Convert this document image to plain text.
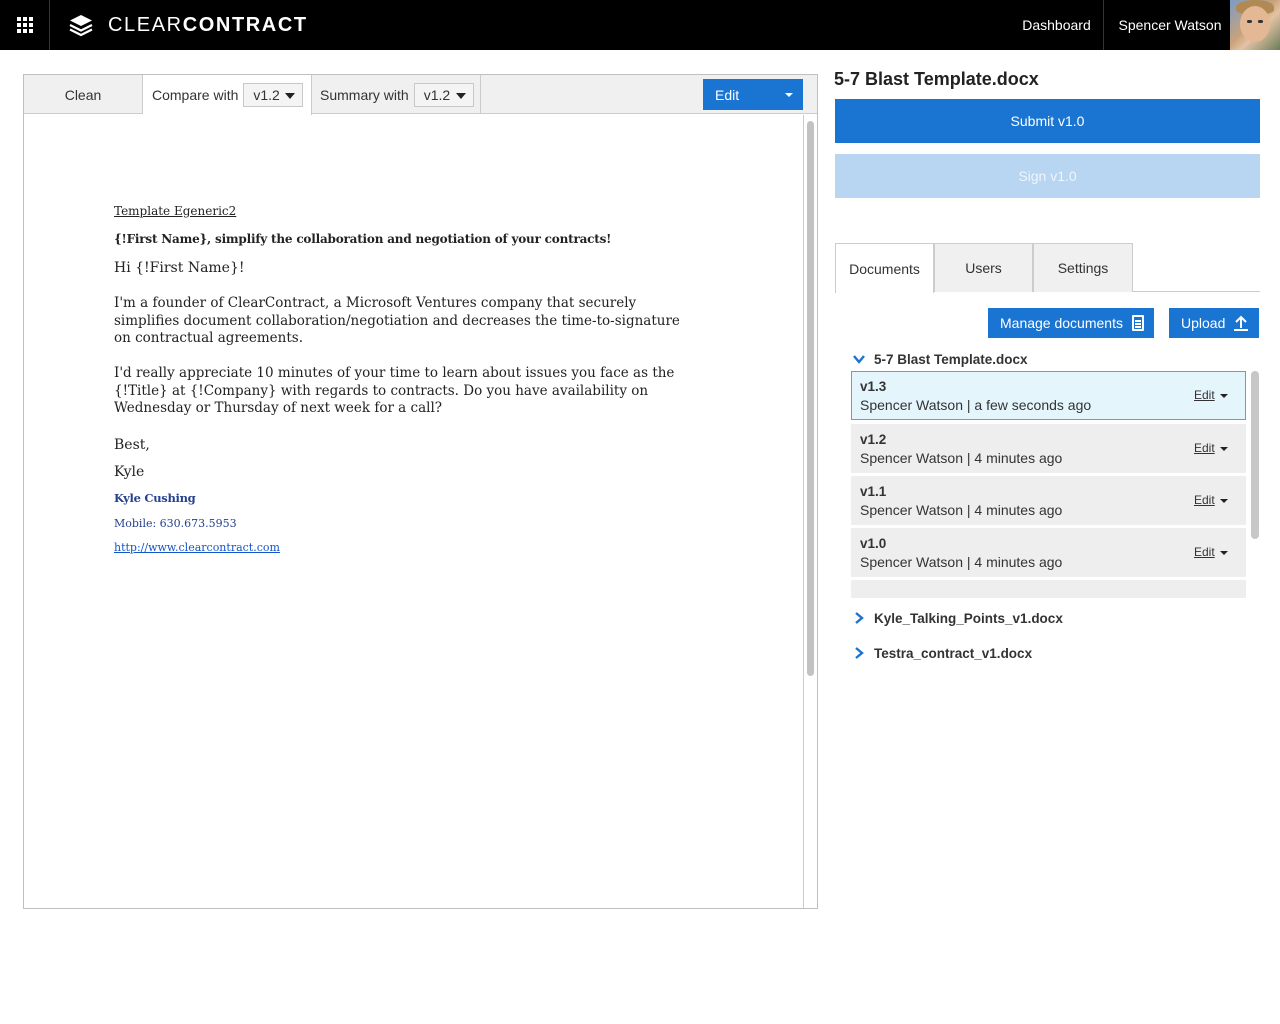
CLEARCONTRACT	Dashboard	Spencer Watson
Clean	Compare with v1.2	Summary with v1.2	Edit
Template Egeneric2
{!First Name}, simplify the collaboration and negotiation of your contracts!
Hi {!First Name}!
I'm a founder of ClearContract, a Microsoft Ventures company that securely simplifies document collaboration/negotiation and decreases the time-to-signature on contractual agreements.
I'd really appreciate 10 minutes of your time to learn about issues you face as the {!Title} at {!Company} with regards to contracts. Do you have availability on Wednesday or Thursday of next week for a call?
Best,
Kyle
Kyle Cushing
Mobile: 630.673.5953
http://www.clearcontract.com
5-7 Blast Template.docx
Submit v1.0
Sign v1.0
Documents	Users	Settings
Manage documents	Upload
5-7 Blast Template.docx
v1.3
Spencer Watson | a few seconds ago
Edit
v1.2
Spencer Watson | 4 minutes ago
Edit
v1.1
Spencer Watson | 4 minutes ago
Edit
v1.0
Spencer Watson | 4 minutes ago
Edit
Kyle_Talking_Points_v1.docx
Testra_contract_v1.docx
